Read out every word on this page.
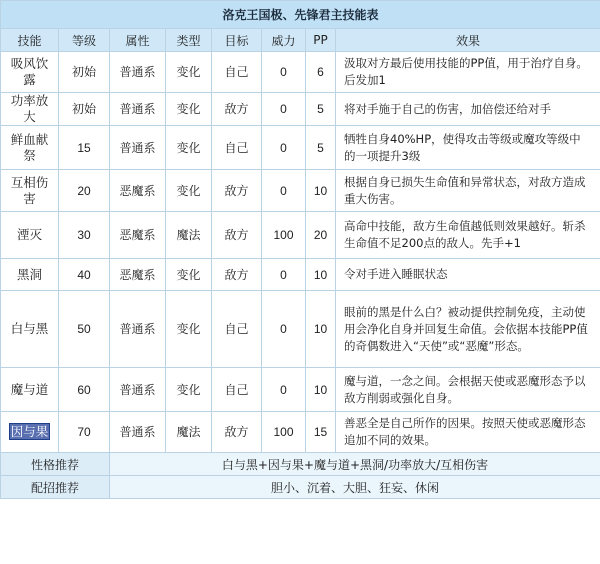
洛克王国极、先锋君主技能表							
技能	等级	属性	类型	目标	威力	PP	效果
吸风饮露	初始	普通系	变化	自己	0	6	汲取对方最后使用技能的PP值，用于治疗自身。后发加1
功率放大	初始	普通系	变化	敌方	0	5	将对手施于自己的伤害，加倍偿还给对手
鲜血献祭	15	普通系	变化	自己	0	5	牺牲自身40%HP，使得攻击等级或魔攻等级中的一项提升3级
互相伤害	20	恶魔系	变化	敌方	0	10	根据自身已损失生命值和异常状态，对敌方造成重大伤害。
湮灭	30	恶魔系	魔法	敌方	100	20	高命中技能，敌方生命值越低则效果越好。斩杀生命值不足200点的敌人。先手+1
黑洞	40	恶魔系	变化	敌方	0	10	令对手进入睡眠状态
白与黑	50	普通系	变化	自己	0	10	眼前的黑是什么白？被动提供控制免疫，主动使用会净化自身并回复生命值。会依据本技能PP值的奇偶数进入“天使”或“恶魔”形态。
魔与道	60	普通系	变化	自己	0	10	魔与道，一念之间。会根据天使或恶魔形态予以敌方削弱或强化自身。
因与果	70	普通系	魔法	敌方	100	15	善恶全是自己所作的因果。按照天使或恶魔形态追加不同的效果。
性格推荐		白与黑+因与果+魔与道+黑洞/功率放大/互相伤害					
配招推荐		胆小、沉着、大胆、狂妄、休闲					
